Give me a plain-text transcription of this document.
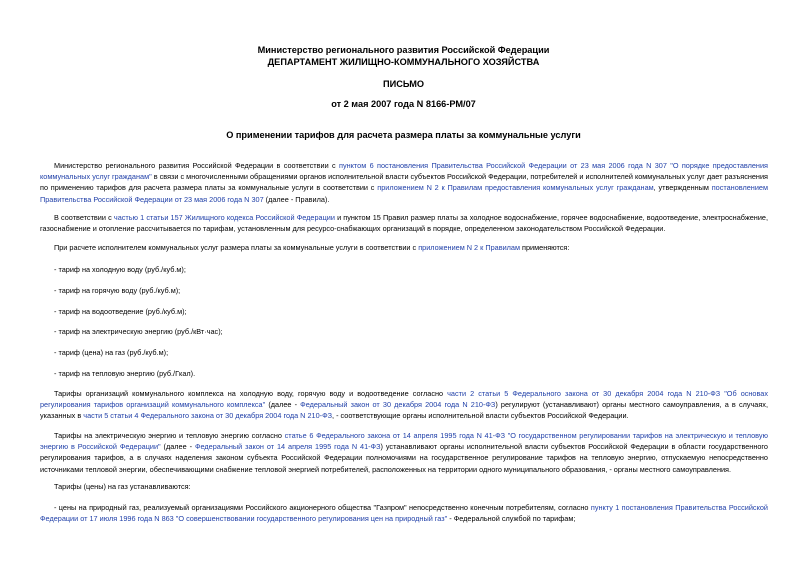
Министерство регионального развития Российской Федерации
ДЕПАРТАМЕНТ ЖИЛИЩНО-КОММУНАЛЬНОГО ХОЗЯЙСТВА
ПИСЬМО
от 2 мая 2007 года N 8166-РМ/07
О применении тарифов для расчета размера платы за коммунальные услуги
Министерство регионального развития Российской Федерации в соответствии с пунктом 6 постановления Правительства Российской Федерации от 23 мая 2006 года N 307 "О порядке предоставления коммунальных услуг гражданам" в связи с многочисленными обращениями органов исполнительной власти субъектов Российской Федерации, потребителей и исполнителей коммунальных услуг дает разъяснения по применению тарифов для расчета размера платы за коммунальные услуги в соответствии с приложением N 2 к Правилам предоставления коммунальных услуг гражданам, утвержденным постановлением Правительства Российской Федерации от 23 мая 2006 года N 307 (далее - Правила).
В соответствии с частью 1 статьи 157 Жилищного кодекса Российской Федерации и пунктом 15 Правил размер платы за холодное водоснабжение, горячее водоснабжение, водоотведение, электроснабжение, газоснабжение и отопление рассчитывается по тарифам, установленным для ресурсо-снабжающих организаций в порядке, определенном законодательством Российской Федерации.
При расчете исполнителем коммунальных услуг размера платы за коммунальные услуги в соответствии с приложением N 2 к Правилам применяются:
- тариф на холодную воду (руб./куб.м);
- тариф на горячую воду (руб./куб.м);
- тариф на водоотведение (руб./куб.м);
- тариф на электрическую энергию (руб./кВт·час);
- тариф (цена) на газ (руб./куб.м);
- тариф на тепловую энергию (руб./Гкал).
Тарифы организаций коммунального комплекса на холодную воду, горячую воду и водоотведение согласно части 2 статьи 5 Федерального закона от 30 декабря 2004 года N 210-ФЗ "Об основах регулирования тарифов организаций коммунального комплекса" (далее - Федеральный закон от 30 декабря 2004 года N 210-ФЗ) регулируют (устанавливают) органы местного самоуправления, а в случаях, указанных в части 5 статьи 4 Федерального закона от 30 декабря 2004 года N 210-ФЗ, - соответствующие органы исполнительной власти субъектов Российской Федерации.
Тарифы на электрическую энергию и тепловую энергию согласно статье 6 Федерального закона от 14 апреля 1995 года N 41-ФЗ "О государственном регулировании тарифов на электрическую и тепловую энергию в Российской Федерации" (далее - Федеральный закон от 14 апреля 1995 года N 41-ФЗ) устанавливают органы исполнительной власти субъектов Российской Федерации в области государственного регулирования тарифов, а в случаях наделения законом субъекта Российской Федерации полномочиями на государственное регулирование тарифов на тепловую энергию, отпускаемую непосредственно источниками тепловой энергии, обеспечивающими снабжение тепловой энергией потребителей, расположенных на территории одного муниципального образования, - органы местного самоуправления.
Тарифы (цены) на газ устанавливаются:
- цены на природный газ, реализуемый организациями Российского акционерного общества "Газпром" непосредственно конечным потребителям, согласно пункту 1 постановления Правительства Российской Федерации от 17 июля 1996 года N 863 "О совершенствовании государственного регулирования цен на природный газ" - Федеральной службой по тарифам;
